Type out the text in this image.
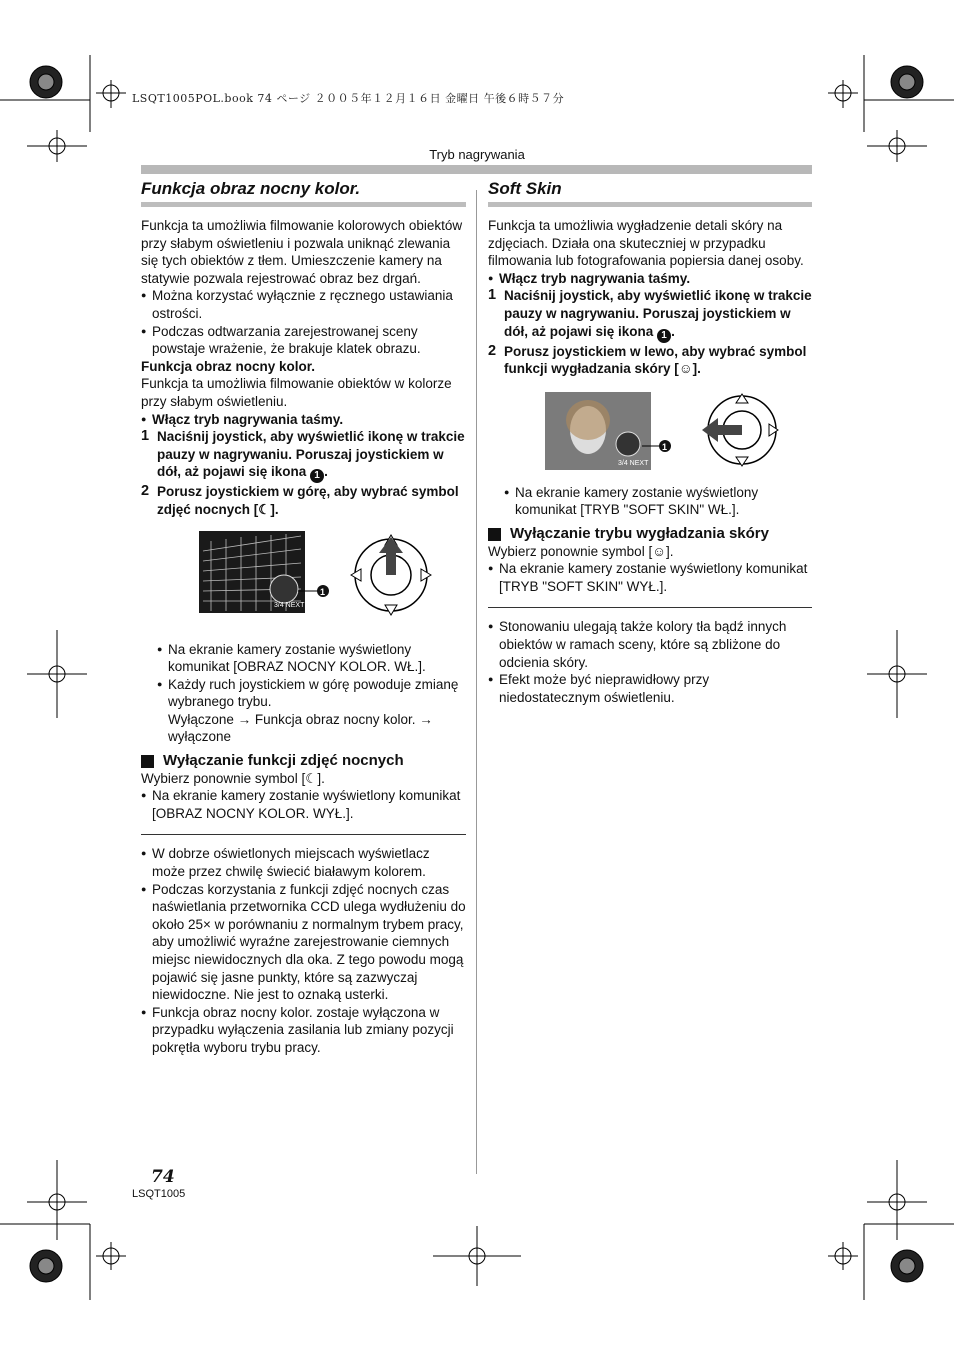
LSQT1005POL.book 74 ページ ２００５年１２月１６日 金曜日 午後６時５７分
Tryb nagrywania
Funkcja obraz nocny kolor.

Funkcja ta umożliwia filmowanie kolorowych obiektów przy słabym oświetleniu i pozwala uniknąć zlewania się tych obiektów z tłem. Umieszczenie kamery na statywie pozwala rejestrować obraz bez drgań.

● Można korzystać wyłącznie z ręcznego ustawiania ostrości.
● Podczas odtwarzania zarejestrowanej sceny powstaje wrażenie, że brakuje klatek obrazu.

Funkcja obraz nocny kolor.

Funkcja ta umożliwia filmowanie obiektów w kolorze przy słabym oświetleniu.

● Włącz tryb nagrywania taśmy.
1 Naciśnij joystick, aby wyświetlić ikonę w trakcie pauzy w nagrywaniu. Poruszaj joystickiem w dół, aż pojawi się ikona 1 .
2 Porusz joystickiem w górę, aby wybrać symbol zdjęć nocnych [☾].
3/4 NEXT
1
● Na ekranie kamery zostanie wyświetlony komunikat [OBRAZ NOCNY KOLOR. WŁ.].
● Każdy ruch joystickiem w górę powoduje zmianę wybranego trybu.
Wyłączone → Funkcja obraz nocny kolor. → wyłączone
Wyłączanie funkcji zdjęć nocnych

Wybierz ponownie symbol [☾].

● Na ekranie kamery zostanie wyświetlony komunikat [OBRAZ NOCNY KOLOR. WYŁ.].
● W dobrze oświetlonych miejscach wyświetlacz może przez chwilę świecić białawym kolorem.
● Podczas korzystania z funkcji zdjęć nocnych czas naświetlania przetwornika CCD ulega wydłużeniu do około 25× w porównaniu z normalnym trybem pracy, aby umożliwić wyraźne zarejestrowanie ciemnych miejsc niewidocznych dla oka. Z tego powodu mogą pojawić się jasne punkty, które są zazwyczaj niewidoczne. Nie jest to oznaką usterki.
● Funkcja obraz nocny kolor. zostaje wyłączona w przypadku wyłączenia zasilania lub zmiany pozycji pokrętła wyboru trybu pracy.
Soft Skin

Funkcja ta umożliwia wygładzenie detali skóry na zdjęciach. Działa ona skuteczniej w przypadku filmowania lub fotografowania popiersia danej osoby.

● Włącz tryb nagrywania taśmy.
1 Naciśnij joystick, aby wyświetlić ikonę w trakcie pauzy w nagrywaniu. Poruszaj joystickiem w dół, aż pojawi się ikona 1 .
2 Porusz joystickiem w lewo, aby wybrać symbol funkcji wygładzania skóry [☺].
3/4 NEXT
1
● Na ekranie kamery zostanie wyświetlony komunikat [TRYB "SOFT SKIN" WŁ.].
Wyłączanie trybu wygładzania skóry

Wybierz ponownie symbol [☺].

● Na ekranie kamery zostanie wyświetlony komunikat [TRYB "SOFT SKIN" WYŁ.].
● Stonowaniu ulegają także kolory tła bądź innych obiektów w ramach sceny, które są zbliżone do odcienia skóry.
● Efekt może być nieprawidłowy przy niedostatecznym oświetleniu.
74
LSQT1005
